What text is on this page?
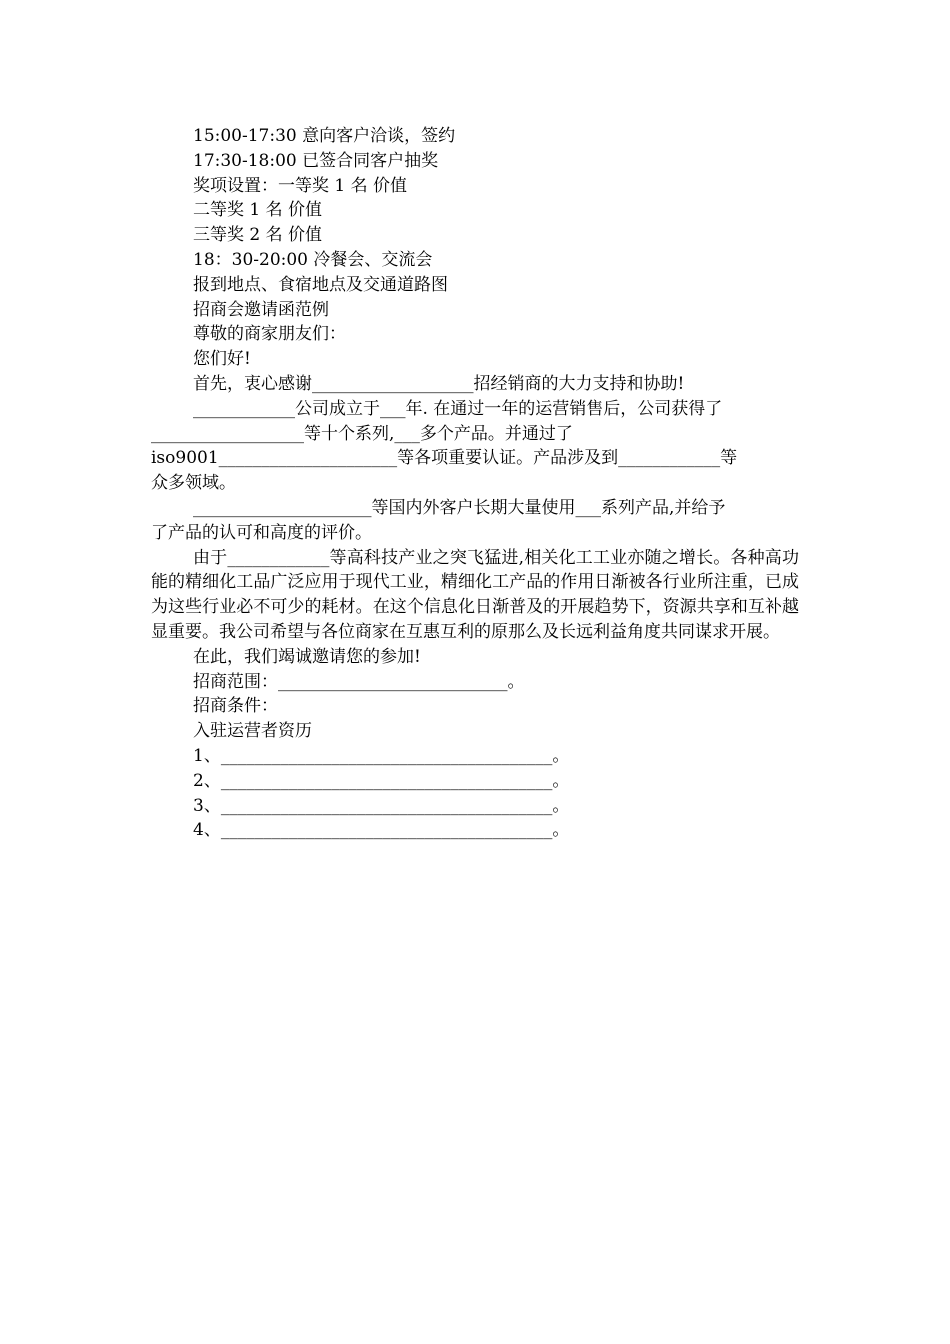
15:00-17:30 意向客户洽谈，签约

17:30-18:00 已签合同客户抽奖

奖项设置：一等奖 1 名 价值

二等奖 1 名 价值

三等奖 2 名 价值

18：30-20:00 冷餐会、交流会

报到地点、食宿地点及交通道路图

招商会邀请函范例

尊敬的商家朋友们：

您们好!

首先，衷心感谢___________________招经销商的大力支持和协助!

____________公司成立于___年. 在通过一年的运营销售后，公司获得了

__________________等十个系列,___多个产品。并通过了

iso9001_____________________等各项重要认证。产品涉及到____________等

众多领域。

_____________________等国内外客户长期大量使用___系列产品,并给予

了产品的认可和高度的评价。

由于____________等高科技产业之突飞猛进,相关化工工业亦随之增长。各种高功能的精细化工品广泛应用于现代工业，精细化工产品的作用日渐被各行业所注重，已成为这些行业必不可少的耗材。在这个信息化日渐普及的开展趋势下，资源共享和互补越显重要。我公司希望与各位商家在互惠互利的原那么及长远利益角度共同谋求开展。

在此，我们竭诚邀请您的参加!

招商范围：___________________________。

招商条件：

入驻运营者资历

1、_______________________________________。

2、_______________________________________。

3、_______________________________________。

4、_______________________________________。
